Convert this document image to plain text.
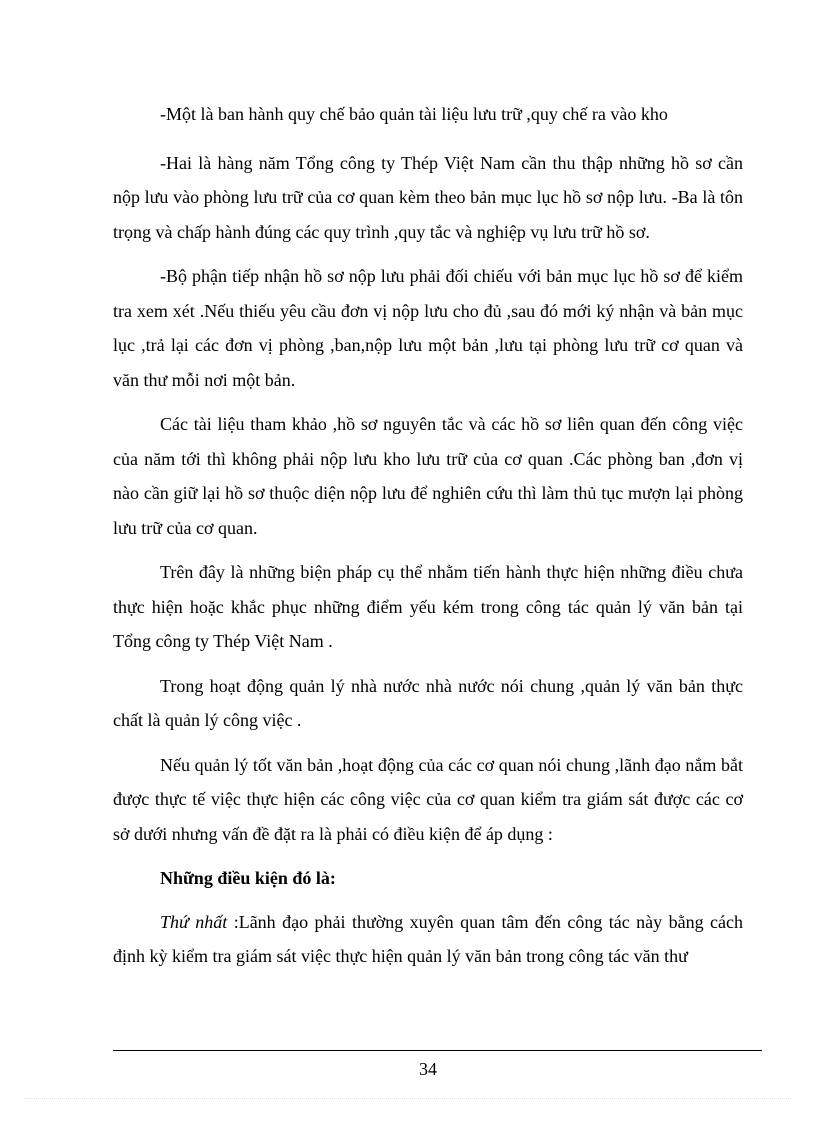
-Một là ban hành quy chế bảo quản tài liệu lưu trữ ,quy chế ra vào kho

-Hai là hàng năm Tổng công ty Thép Việt Nam cần thu thập những hồ sơ cần nộp lưu vào phòng lưu trữ của cơ quan kèm theo bản mục lục hồ sơ nộp lưu. -Ba là tôn trọng và chấp hành đúng các quy trình ,quy tắc và nghiệp vụ lưu trữ hồ sơ.

-Bộ phận tiếp nhận hồ sơ nộp lưu phải đối chiếu với bản mục lục hồ sơ để kiểm tra xem xét .Nếu thiếu yêu cầu đơn vị nộp lưu cho đủ ,sau đó mới ký nhận và bản mục lục ,trả lại các đơn vị phòng ,ban,nộp lưu một bản ,lưu tại phòng lưu trữ cơ quan và văn thư mỗi nơi một bản.

Các tài liệu tham khảo ,hồ sơ nguyên tắc và các hồ sơ liên quan đến công việc của năm tới thì không phải nộp lưu kho lưu trữ của cơ quan .Các phòng ban ,đơn vị nào cần giữ lại hồ sơ thuộc diện nộp lưu để nghiên cứu thì làm thủ tục mượn lại phòng lưu trữ của cơ quan.

Trên đây là những biện pháp cụ thể nhằm tiến hành thực hiện những điều chưa thực hiện hoặc khắc phục những điểm yếu kém trong công tác quản lý văn bản tại Tổng công ty Thép Việt Nam .

Trong hoạt động quản lý nhà nước nhà nước nói chung ,quản lý văn bản thực chất là quản lý công việc .

Nếu quản lý tốt văn bản ,hoạt động của các cơ quan nói chung ,lãnh đạo nắm bắt được thực tế việc thực hiện các công việc của cơ quan kiểm tra giám sát được các cơ sở dưới nhưng vấn đề đặt ra là phải có điều kiện để áp dụng :

Những điều kiện đó là:

Thứ nhất :Lãnh đạo phải thường xuyên quan tâm đến công tác này bằng cách định kỳ kiểm tra giám sát việc thực hiện quản lý văn bản trong công tác văn thư

34
